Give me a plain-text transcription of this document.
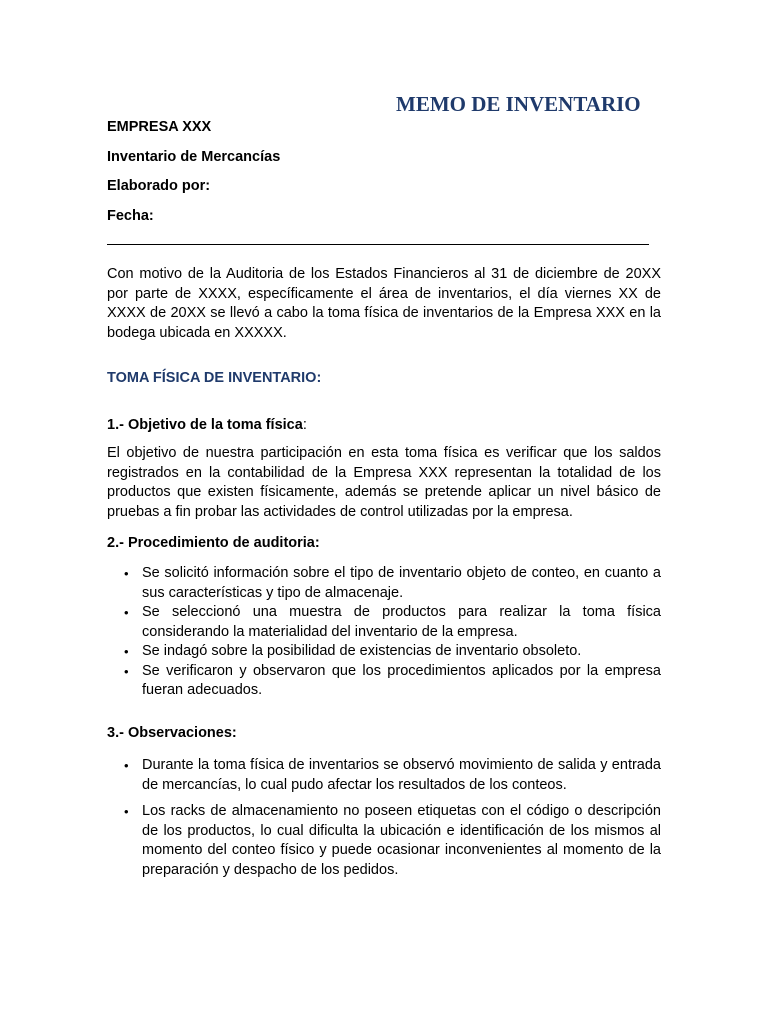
MEMO DE INVENTARIO

EMPRESA XXX

Inventario de Mercancías

Elaborado por:

Fecha:

Con motivo de la Auditoria de los Estados Financieros al 31 de diciembre de 20XX por parte de XXXX, específicamente el área de inventarios, el día viernes XX de XXXX de 20XX se llevó a cabo la toma física de inventarios de la Empresa XXX en la bodega ubicada en XXXXX.

TOMA FÍSICA DE INVENTARIO:

1.- Objetivo de la toma física:

El objetivo de nuestra participación en esta toma física es verificar que los saldos registrados en la contabilidad de la Empresa XXX representan la totalidad de los productos que existen físicamente, además se pretende aplicar un nivel básico de pruebas a fin probar las actividades de control utilizadas por la empresa.

2.- Procedimiento de auditoria:

• Se solicitó información sobre el tipo de inventario objeto de conteo, en cuanto a sus características y tipo de almacenaje.
• Se seleccionó una muestra de productos para realizar la toma física considerando la materialidad del inventario de la empresa.
• Se indagó sobre la posibilidad de existencias de inventario obsoleto.
• Se verificaron y observaron que los procedimientos aplicados por la empresa fueran adecuados.

3.- Observaciones:

• Durante la toma física de inventarios se observó movimiento de salida y entrada de mercancías, lo cual pudo afectar los resultados de los conteos.
• Los racks de almacenamiento no poseen etiquetas con el código o descripción de los productos, lo cual dificulta la ubicación e identificación de los mismos al momento del conteo físico y puede ocasionar inconvenientes al momento de la preparación y despacho de los pedidos.
